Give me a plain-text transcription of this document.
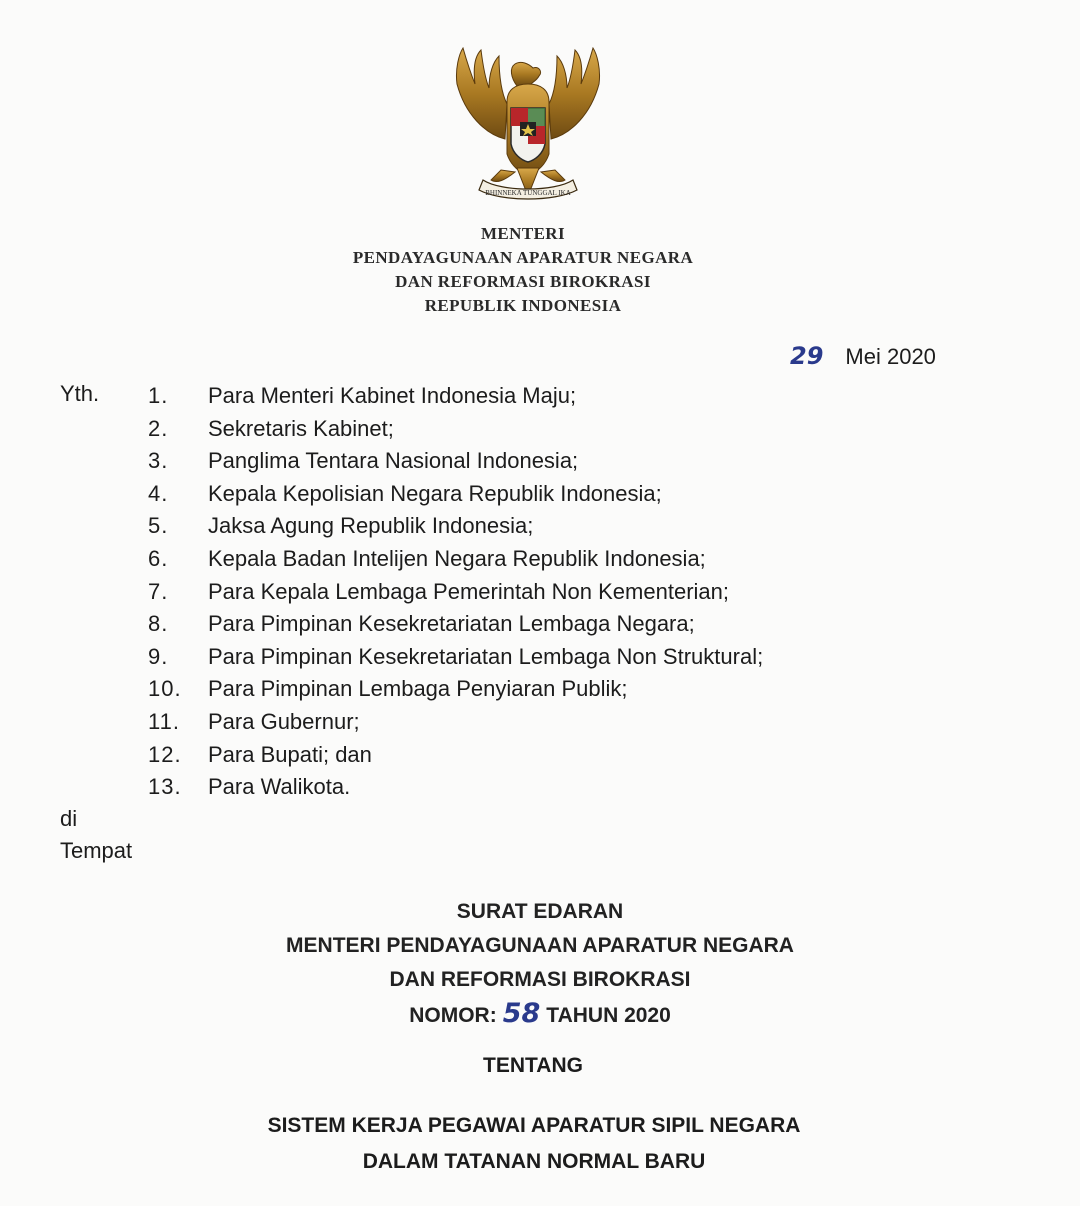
BHINNEKA TUNGGAL IKA
MENTERI
PENDAYAGUNAAN APARATUR NEGARA
DAN REFORMASI BIROKRASI
REPUBLIK INDONESIA
29 Mei 2020
Yth. 1. Para Menteri Kabinet Indonesia Maju;
2. Sekretaris Kabinet;
3. Panglima Tentara Nasional Indonesia;
4. Kepala Kepolisian Negara Republik Indonesia;
5. Jaksa Agung Republik Indonesia;
6. Kepala Badan Intelijen Negara Republik Indonesia;
7. Para Kepala Lembaga Pemerintah Non Kementerian;
8. Para Pimpinan Kesekretariatan Lembaga Negara;
9. Para Pimpinan Kesekretariatan Lembaga Non Struktural;
10. Para Pimpinan Lembaga Penyiaran Publik;
11. Para Gubernur;
12. Para Bupati; dan
13. Para Walikota.
di
Tempat
SURAT EDARAN
MENTERI PENDAYAGUNAAN APARATUR NEGARA
DAN REFORMASI BIROKRASI
NOMOR: 58 TAHUN 2020
TENTANG
SISTEM KERJA PEGAWAI APARATUR SIPIL NEGARA
DALAM TATANAN NORMAL BARU
